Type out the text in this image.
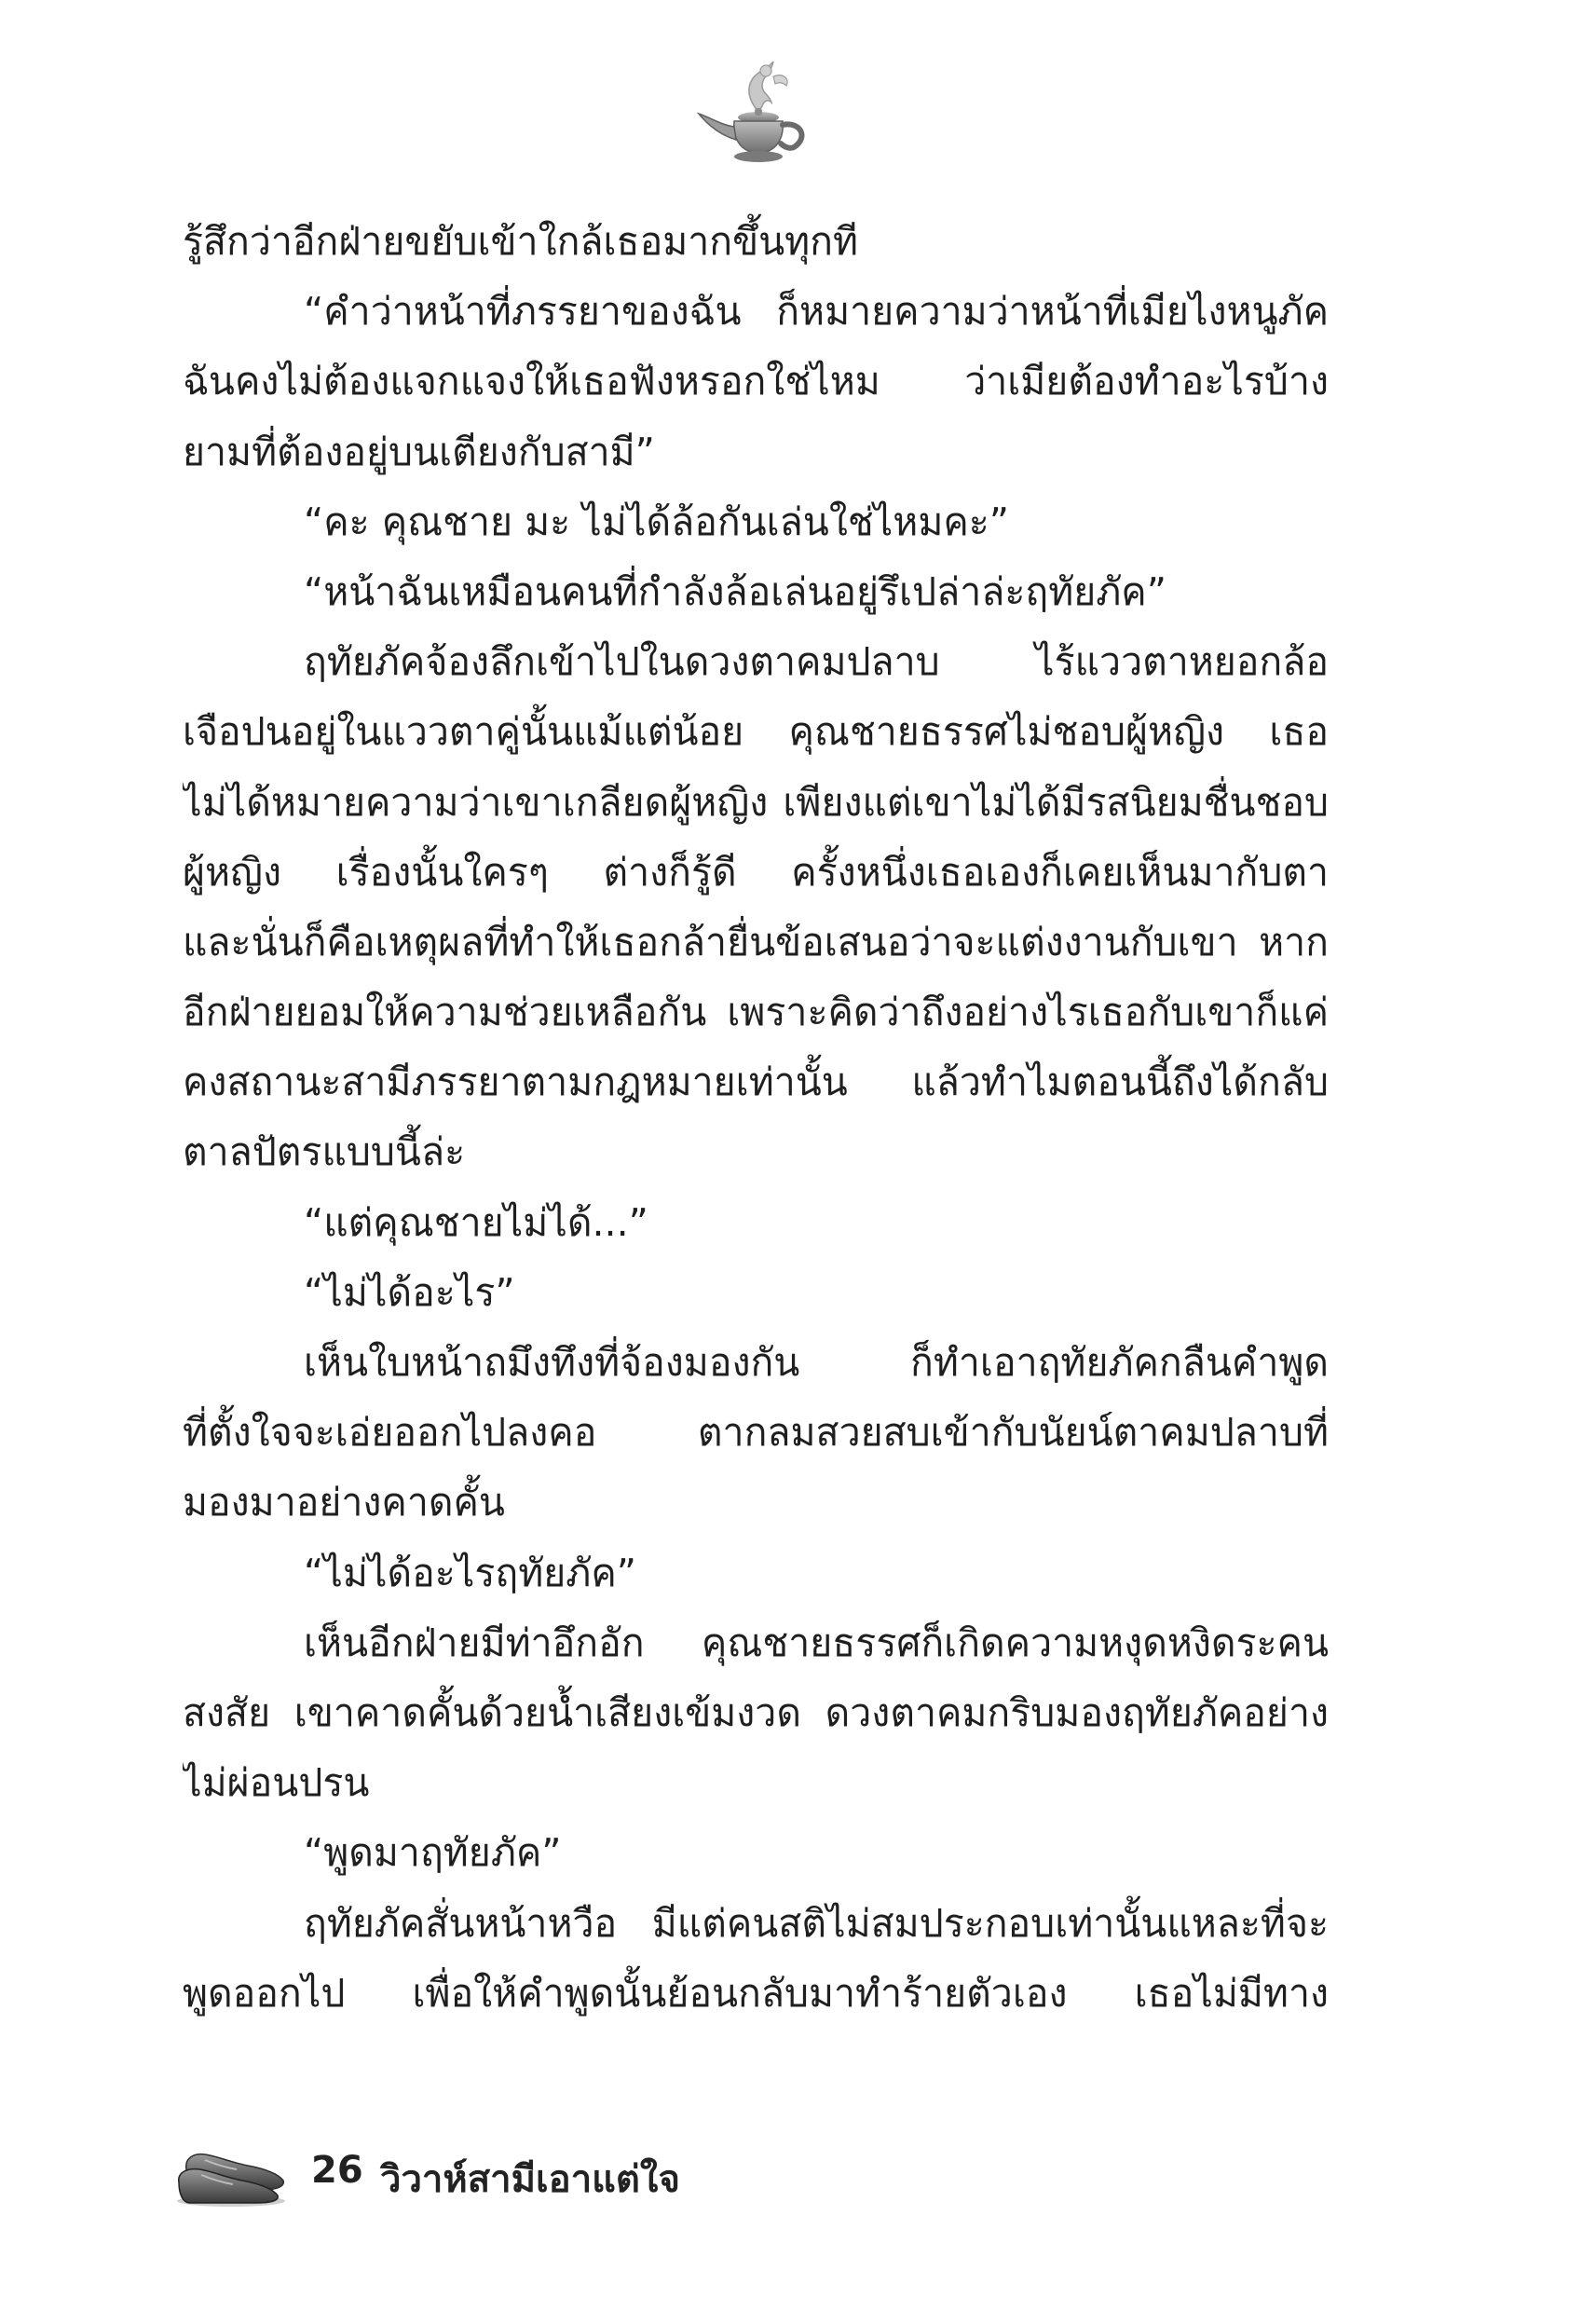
รู้สึกว่าอีกฝ่ายขยับเข้าใกล้เธอมากขึ้นทุกที
“คำว่าหน้าที่ภรรยาของฉัน ก็หมายความว่าหน้าที่เมียไงหนูภัค
ฉันคงไม่ต้องแจกแจงให้เธอฟังหรอกใช่ไหม ว่าเมียต้องทำอะไรบ้าง
ยามที่ต้องอยู่บนเตียงกับสามี”
“คะ คุณชาย มะ ไม่ได้ล้อกันเล่นใช่ไหมคะ”
“หน้าฉันเหมือนคนที่กำลังล้อเล่นอยู่รึเปล่าล่ะฤทัยภัค”
ฤทัยภัคจ้องลึกเข้าไปในดวงตาคมปลาบ ไร้แววตาหยอกล้อ
เจือปนอยู่ในแววตาคู่นั้นแม้แต่น้อย คุณชายธรรศไม่ชอบผู้หญิง เธอ
ไม่ได้หมายความว่าเขาเกลียดผู้หญิง เพียงแต่เขาไม่ได้มีรสนิยมชื่นชอบ
ผู้หญิง เรื่องนั้นใครๆ ต่างก็รู้ดี ครั้งหนึ่งเธอเองก็เคยเห็นมากับตา
และนั่นก็คือเหตุผลที่ทำให้เธอกล้ายื่นข้อเสนอว่าจะแต่งงานกับเขา หาก
อีกฝ่ายยอมให้ความช่วยเหลือกัน เพราะคิดว่าถึงอย่างไรเธอกับเขาก็แค่
คงสถานะสามีภรรยาตามกฎหมายเท่านั้น แล้วทำไมตอนนี้ถึงได้กลับ
ตาลปัตรแบบนี้ล่ะ
“แต่คุณชายไม่ได้...”
“ไม่ได้อะไร”
เห็นใบหน้าถมึงทึงที่จ้องมองกัน ก็ทำเอาฤทัยภัคกลืนคำพูด
ที่ตั้งใจจะเอ่ยออกไปลงคอ ตากลมสวยสบเข้ากับนัยน์ตาคมปลาบที่
มองมาอย่างคาดคั้น
“ไม่ได้อะไรฤทัยภัค”
เห็นอีกฝ่ายมีท่าอึกอัก คุณชายธรรศก็เกิดความหงุดหงิดระคน
สงสัย เขาคาดคั้นด้วยน้ำเสียงเข้มงวด ดวงตาคมกริบมองฤทัยภัคอย่าง
ไม่ผ่อนปรน
“พูดมาฤทัยภัค”
ฤทัยภัคสั่นหน้าหวือ มีแต่คนสติไม่สมประกอบเท่านั้นแหละที่จะ
พูดออกไป เพื่อให้คำพูดนั้นย้อนกลับมาทำร้ายตัวเอง เธอไม่มีทาง
26 วิวาห์สามีเอาแต่ใจ
